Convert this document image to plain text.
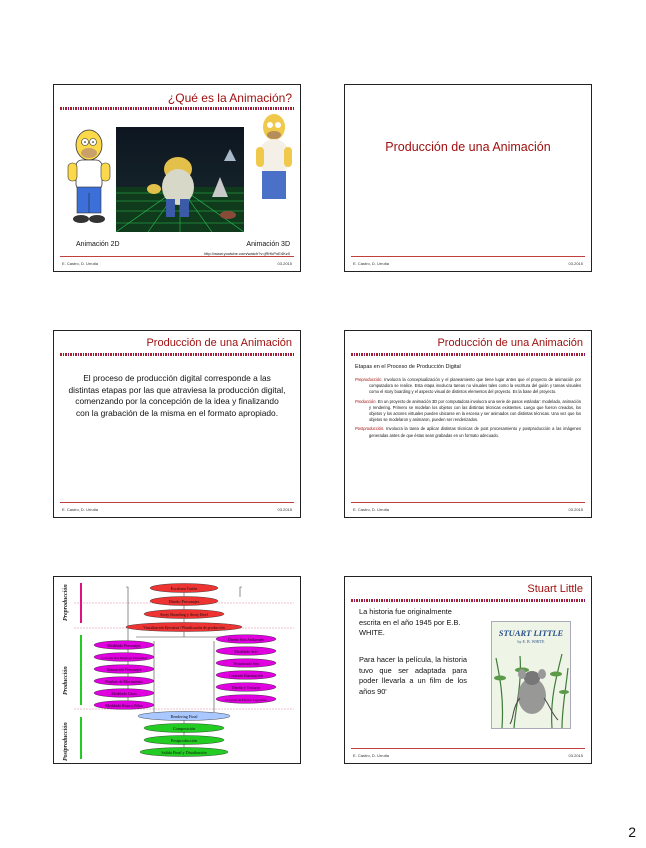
¿Qué es la Animación?
Animación 2D	Animación 3D
http://www.youtube.com/watch?v=jRHkPoE4Kz0
E. Castro, D. Urrutia	03.2015
Producción de una Animación
E. Castro, D. Urrutia	03.2015
Producción de una Animación
El proceso de producción digital corresponde a las distintas etapas por las que atraviesa la producción digital, comenzando por la concepción de la idea y finalizando con la grabación de la misma en el formato apropiado.
E. Castro, D. Urrutia	03.2015
Producción de una Animación
Etapas en el Proceso de Producción Digital

Preproducción. Involucra la conceptualización y el planeamiento que tiene lugar antes que el proyecto de animación por computadora se realice. Esta etapa involucra tareas no visuales tales como la escritura del guión y tareas visuales como el story boarding y el aspecto visual de distintos elementos del proyecto. Es la base del proyecto.

Producción. En un proyecto de animación 3D por computadora involucra una serie de pasos estándar: modelado, animación y rendering. Primero se modelan los objetos con las distintas técnicas existentes. Luego que fueron creados, los objetos y los actores virtuales pueden ubicarse en la escena y ser animados con distintas técnicas. Una vez que los objetos se modelaron y animaron, pueden ser renderizados.

Postproducción. Involucra la tarea de aplicar distintas técnicas de post procesamiento y postproducción a las imágenes generadas antes de que éstas sean grabadas en un formato adecuado.

E. Castro, D. Urrutia	03.2015
Preproducción
Producción
Postproducción
Escritura Guión
Diseño Personajes
Story Boarding y Story Reel
Visualización Ejecutiva / Planificación de producción
Modelado Personajes
Creación Dos Riggings Personajes
Animación Personajes
Pruebas de Movimiento
Modelado Caras
Modelado Ropa y Pelos
Diseño Sets Ambientes
Modelado Sets
Texturizado Sets
Creación Iluminación
Diseño y Texturas
Creación de Efectos Especiales
Rendering Final
Composición
Postproducción
Salida Final y Distribución
Stuart Little
La historia fue originalmente escrita en el año 1945 por E.B. WHITE.
Para hacer la película, la historia tuvo que ser adaptada para poder llevarla a un film de los años 90'
STUART LITTLE
by E. B. WHITE
E. Castro, D. Urrutia	03.2015
2
